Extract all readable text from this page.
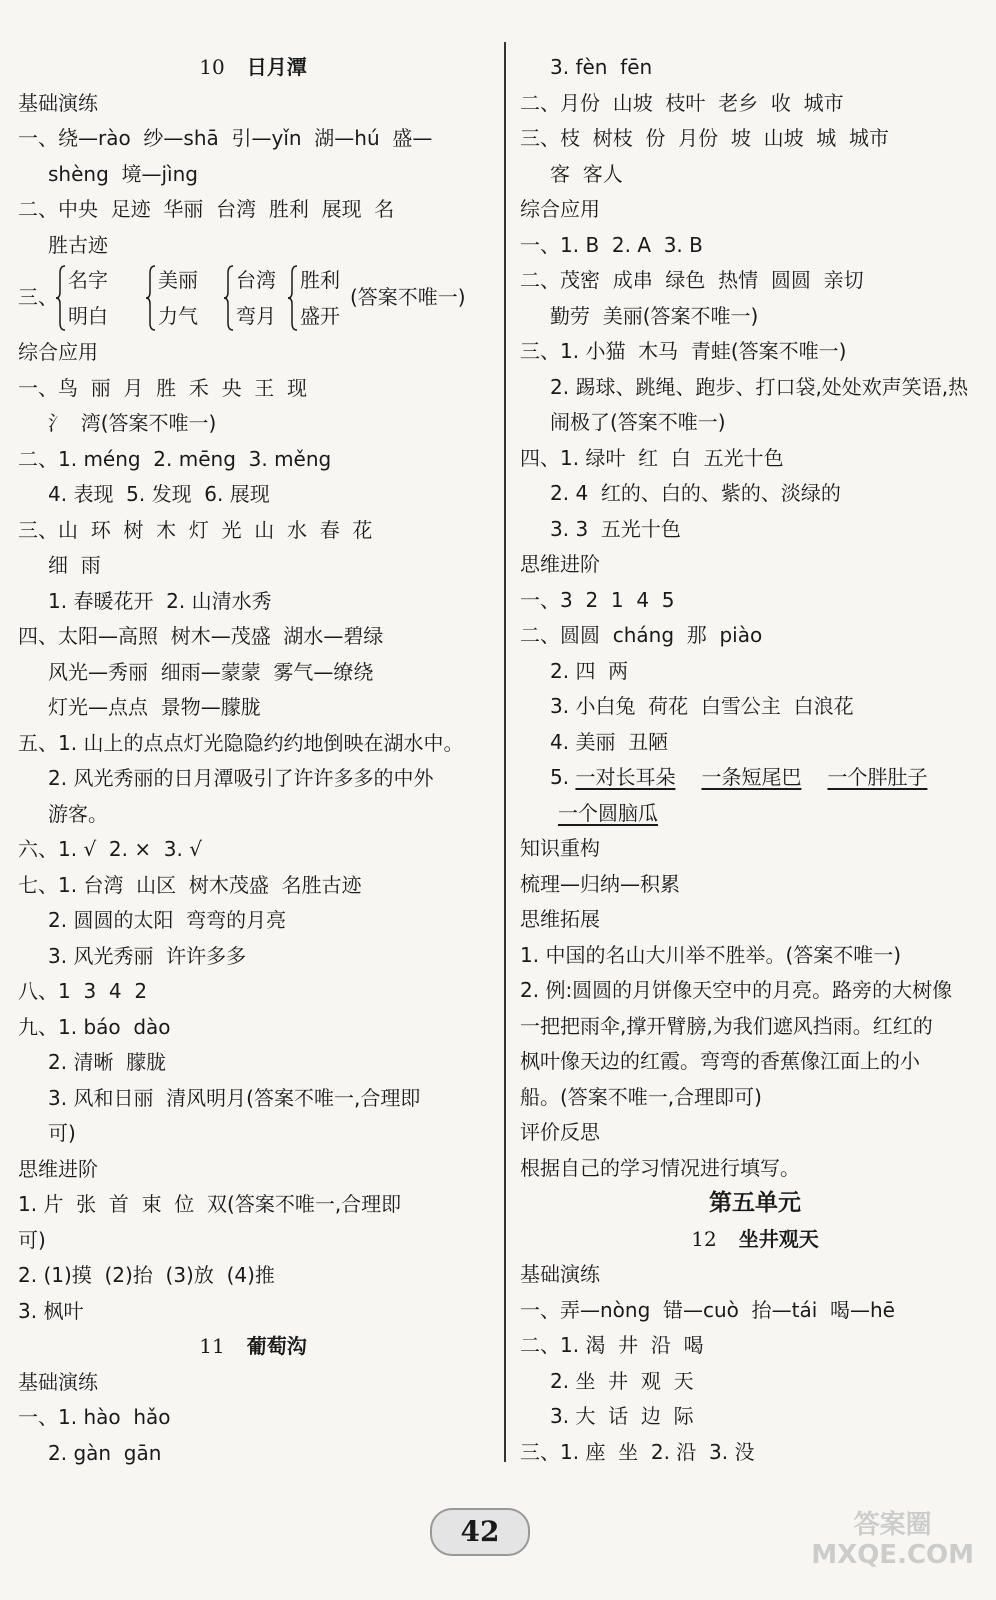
10 日月潭
基础演练
一、绕—rào  纱—shā  引—yǐn  湖—hú  盛—
shèng  境—jìng
二、中央  足迹  华丽  台湾  胜利  展现  名
胜古迹
三、
名字
明白
美丽
力气
台湾
弯月
胜利
盛开
(答案不唯一)
综合应用
一、鸟  丽  月  胜  禾  央  王  现
氵  湾(答案不唯一)
二、1. méng  2. mēng  3. měng
4. 表现  5. 发现  6. 展现
三、山  环  树  木  灯  光  山  水  春  花
细  雨
1. 春暖花开  2. 山清水秀
四、太阳—高照  树木—茂盛  湖水—碧绿
风光—秀丽  细雨—蒙蒙  雾气—缭绕
灯光—点点  景物—朦胧
五、1. 山上的点点灯光隐隐约约地倒映在湖水中。
2. 风光秀丽的日月潭吸引了许许多多的中外
游客。
六、1. √  2. ×  3. √
七、1. 台湾  山区  树木茂盛  名胜古迹
2. 圆圆的太阳  弯弯的月亮
3. 风光秀丽  许许多多
八、1  3  4  2
九、1. báo  dào
2. 清晰  朦胧
3. 风和日丽  清风明月(答案不唯一,合理即
可)
思维进阶
1. 片  张  首  束  位  双(答案不唯一,合理即
可)
2. (1)摸  (2)抬  (3)放  (4)推
3. 枫叶
11 葡萄沟
基础演练
一、1. hào  hǎo
2. gàn  gān
3. fèn  fēn
二、月份  山坡  枝叶  老乡  收  城市
三、枝  树枝  份  月份  坡  山坡  城  城市
客  客人
综合应用
一、1. B  2. A  3. B
二、茂密  成串  绿色  热情  圆圆  亲切
勤劳  美丽(答案不唯一)
三、1. 小猫  木马  青蛙(答案不唯一)
2. 踢球、跳绳、跑步、打口袋,处处欢声笑语,热
闹极了(答案不唯一)
四、1. 绿叶  红  白  五光十色
2. 4  红的、白的、紫的、淡绿的
3. 3  五光十色
思维进阶
一、3  2  1  4  5
二、圆圆  cháng  那  piào
2. 四  两
3. 小白兔  荷花  白雪公主  白浪花
4. 美丽  丑陋
5. 一对长耳朵 一条短尾巴 一个胖肚子
一个圆脑瓜
知识重构
梳理—归纳—积累
思维拓展
1. 中国的名山大川举不胜举。(答案不唯一)
2. 例:圆圆的月饼像天空中的月亮。路旁的大树像
一把把雨伞,撑开臂膀,为我们遮风挡雨。红红的
枫叶像天边的红霞。弯弯的香蕉像江面上的小
船。(答案不唯一,合理即可)
评价反思
根据自己的学习情况进行填写。
第五单元
12 坐井观天
基础演练
一、弄—nòng  错—cuò  抬—tái  喝—hē
二、1. 渴  井  沿  喝
2. 坐  井  观  天
3. 大  话  边  际
三、1. 座  坐  2. 沿  3. 没
42	答案圈
MXQE.COM
